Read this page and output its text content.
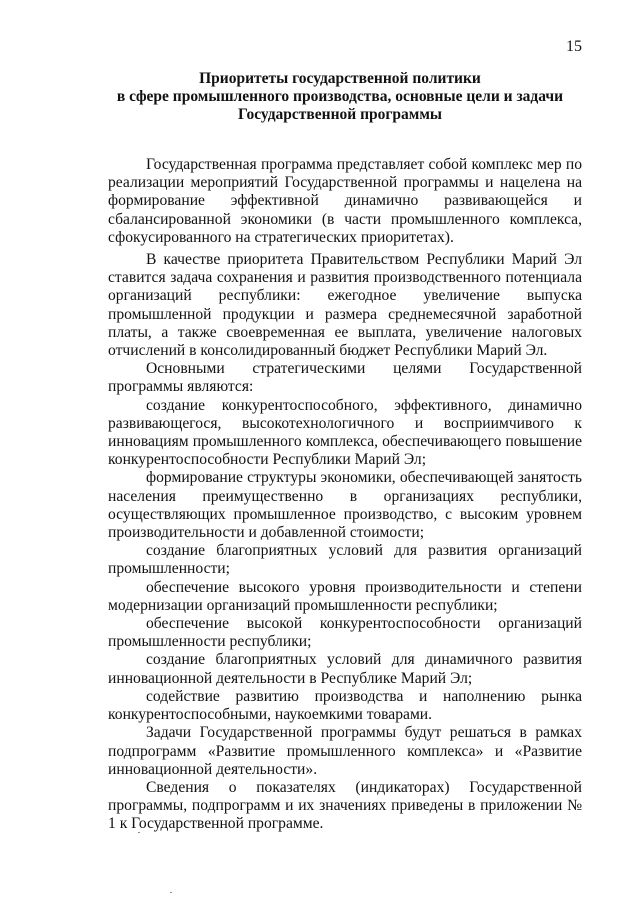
15
Приоритеты государственной политики
в сфере промышленного производства, основные цели и задачи
Государственной программы

Государственная программа представляет собой комплекс мер по реализации мероприятий Государственной программы и нацелена на формирование эффективной динамично развивающейся и сбалансированной экономики (в части промышленного комплекса, сфокусированного на стратегических приоритетах).

В качестве приоритета Правительством Республики Марий Эл ставится задача сохранения и развития производственного потенциала организаций республики: ежегодное увеличение выпуска промышленной продукции и размера среднемесячной заработной платы, а также своевременная ее выплата, увеличение налоговых отчислений в консолидированный бюджет Республики Марий Эл.

Основными стратегическими целями Государственной программы являются:

создание конкурентоспособного, эффективного, динамично развивающегося, высокотехнологичного и восприимчивого к инновациям промышленного комплекса, обеспечивающего повышение конкурентоспособности Республики Марий Эл;

формирование структуры экономики, обеспечивающей занятость населения преимущественно в организациях республики, осуществляющих промышленное производство, с высоким уровнем производительности и добавленной стоимости;

создание благоприятных условий для развития организаций промышленности;

обеспечение высокого уровня производительности и степени модернизации организаций промышленности республики;

обеспечение высокой конкурентоспособности организаций промышленности республики;

создание благоприятных условий для динамичного развития инновационной деятельности в Республике Марий Эл;

содействие развитию производства и наполнению рынка конкурентоспособными, наукоемкими товарами.

Задачи Государственной программы будут решаться в рамках подпрограмм «Развитие промышленного комплекса» и «Развитие инновационной деятельности».

Сведения о показателях (индикаторах) Государственной программы, подпрограмм и их значениях приведены в приложении № 1 к Государственной программе.
